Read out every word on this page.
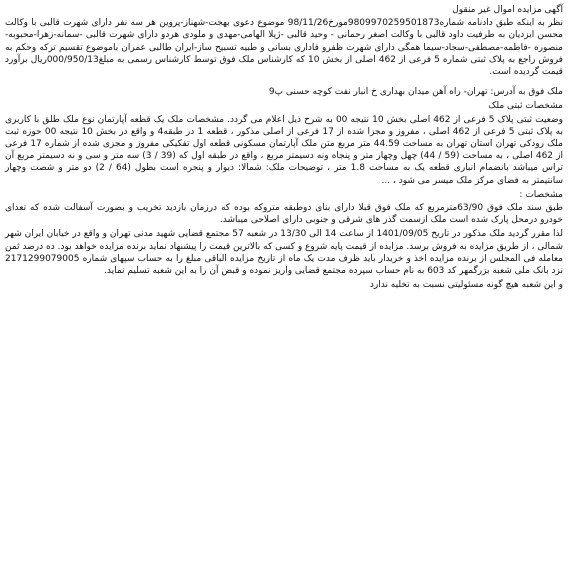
آگهی مزایده اموال غیر منقول

نظر به اینکه طبق دادنامه شماره9809970259501873مورخ98/11/26 موضوع دعوی بهجت-شهناز-پروین هر سه نفر دارای شهرت قالبی با وکالت محسن ایزدیان به طرفیت داود قالبی با وکالت اصغر رحمانی - وحید قالبی -ژیلا الهامی-مهدی و ملودی هردو دارای شهرت قالبی -سمانه-زهرا-محبوبه-منصوره -فاطمه-مصطفی-سجاد-سیما همگی دارای شهرت ظفرو فاداری بسانی و طبیه تسبیح ساز-ایران طالبی عمران باموضوع تقسیم ترکه وحکم به فروش راجع به پلاک ثبتی شماره 5 فرعی از 462 اصلی از بخش 10 که کارشناس ملک فوق توسط کارشناس رسمی به مبلغ000/950/13ریال برآورد قیمت گردیده است.

ملک فوق به آدرس: تهران- راه آهن میدان بهداری خ انبار نفت کوچه حسنی پ9

مشخصات ثبتی ملک

وضعیت ثبتی پلاک 5 فرعی از 462 اصلی بخش 10 نتیجه 00 به شرح ذیل اعلام می گردد. مشخصات ملک یک قطعه آپارتمان نوع ملک طلق با کاربری به پلاک ثبتی 5 فرعی از 462 اصلی ، مفروز و مجزا شده از 17 فرعی از اصلی مذکور ، قطعه 1 در طبقه4 و واقع در بخش 10 نتیجه 00 حوزه ثبت ملک رودکی تهران استان تهران به مساحت 44.59 متر مربع متن ملک آپارتمان مسکونی قطعه اول تفکیکی مفروز و مجزی شده از شماره 17 فرعی از 462 اصلی ، به مساحت (59 / 44) چهل وچهار متر و پنجاه ونه دسیمتر مربع ، واقع در طبقه اول که (39 / 3) سه متر و سی و نه دسیمتر مربع آن تراس میباشد بانضمام انباری قطعه یک به مساحت 1.8 متر ، توضیحات ملک: شمالا: دیوار و پنجره است بطول (64 / 2) دو متر و شصت وچهار سانتیمتر به فضای مرکز ملک میسر می شود ، ...

مشخصات :

طبق سند ملک فوق 63/90مترمربع که ملک فوق قبلا دارای بنای دوطبقه متروکه بوده که درزمان بازدید تخریب و بصورت آسفالت شده که تعدای خودرو درمحل پارک شده است ملک ازسمت گذر های شرقی و جنوبی دارای اصلاحی میباشد.

لذا مقرر گردید ملک مذکور در تاریخ 1401/09/05 از ساعت 14 الی 13/30 در شعبه 57 مجتمع قضایی شهید مدنی تهران و واقع در خیابان ایران شهر شمالی ، از طریق مزایده به فروش برسد. مزایده از قیمت پایه شروع و کسی که بالاترین قیمت را پیشنهاد نماید برنده مزایده خواهد بود. ده درصد ثمن معامله فی المجلس از برنده مزایده اخذ و خریدار باید ظرف مدت یک ماه از تاریخ مزایده الباقی مبلغ را به حساب سپهای شماره 2171299079005 نزد بانک ملی شعبه بزرگمهر کد 603 به نام حساب سپرده مجتمع قضایی واریز نموده و قبض آن را به این شعبه تسلیم نماید.

و این شعبه هیچ گونه مسئولیتی نسبت به تخلیه ندارد
